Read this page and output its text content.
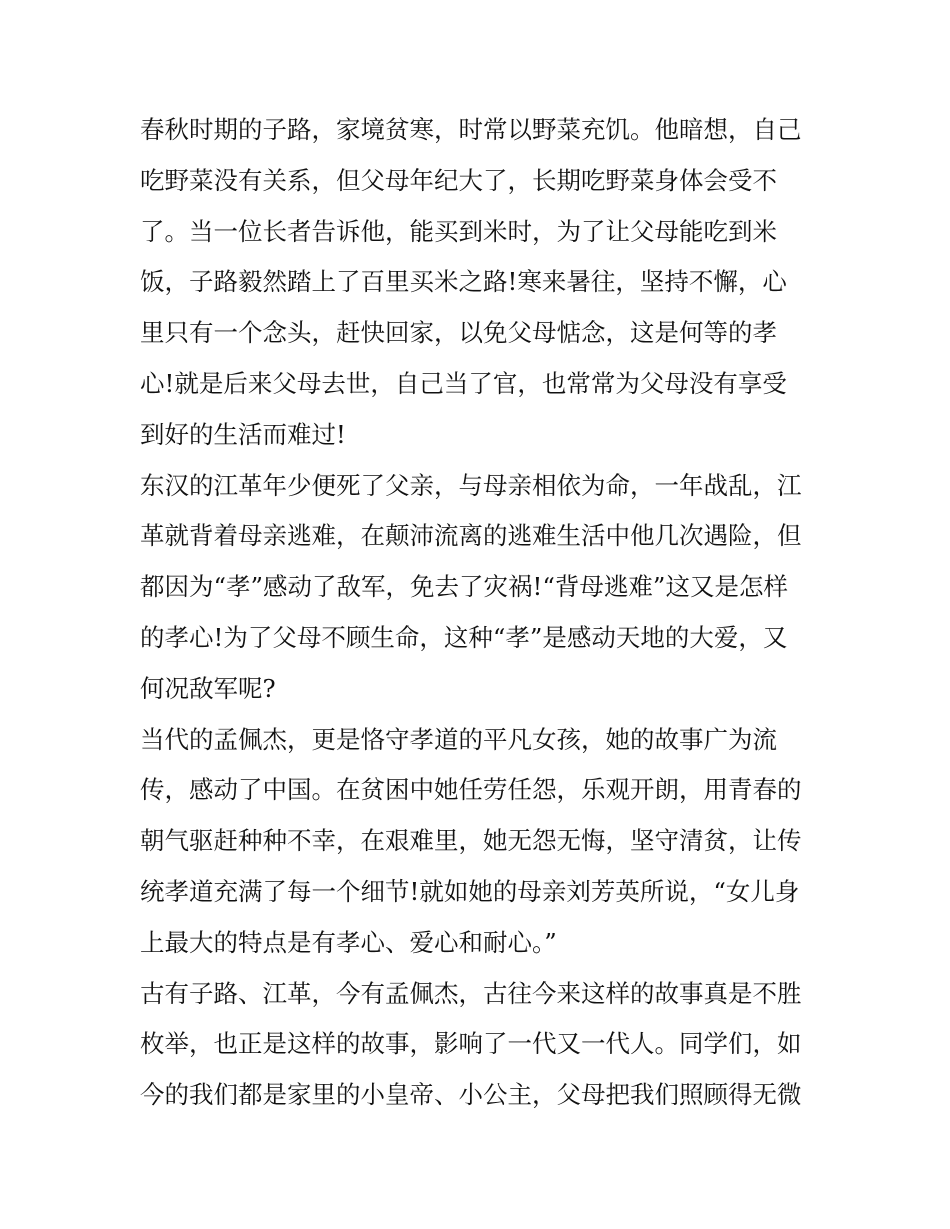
春秋时期的子路，家境贫寒，时常以野菜充饥。他暗想，自己
吃野菜没有关系，但父母年纪大了，长期吃野菜身体会受不
了。当一位长者告诉他，能买到米时，为了让父母能吃到米
饭，子路毅然踏上了百里买米之路!寒来暑往，坚持不懈，心
里只有一个念头，赶快回家，以免父母惦念，这是何等的孝
心!就是后来父母去世，自己当了官，也常常为父母没有享受
到好的生活而难过!
东汉的江革年少便死了父亲，与母亲相依为命，一年战乱，江
革就背着母亲逃难，在颠沛流离的逃难生活中他几次遇险，但
都因为“孝”感动了敌军，免去了灾祸!“背母逃难”这又是怎样
的孝心!为了父母不顾生命，这种“孝”是感动天地的大爱，又
何况敌军呢?
当代的孟佩杰，更是恪守孝道的平凡女孩，她的故事广为流
传，感动了中国。在贫困中她任劳任怨，乐观开朗，用青春的
朝气驱赶种种不幸，在艰难里，她无怨无悔，坚守清贫，让传
统孝道充满了每一个细节!就如她的母亲刘芳英所说，“女儿身
上最大的特点是有孝心、爱心和耐心。”
古有子路、江革，今有孟佩杰，古往今来这样的故事真是不胜
枚举，也正是这样的故事，影响了一代又一代人。同学们，如
今的我们都是家里的小皇帝、小公主，父母把我们照顾得无微
